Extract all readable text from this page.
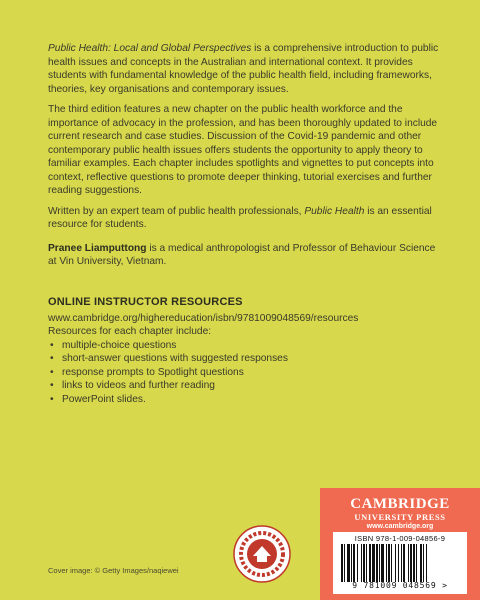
Public Health: Local and Global Perspectives is a comprehensive introduction to public health issues and concepts in the Australian and international context. It provides students with fundamental knowledge of the public health field, including frameworks, theories, key organisations and contemporary issues.

The third edition features a new chapter on the public health workforce and the importance of advocacy in the profession, and has been thoroughly updated to include current research and case studies. Discussion of the Covid-19 pandemic and other contemporary public health issues offers students the opportunity to apply theory to familiar examples. Each chapter includes spotlights and vignettes to put concepts into context, reflective questions to promote deeper thinking, tutorial exercises and further reading suggestions.

Written by an expert team of public health professionals, Public Health is an essential resource for students.

Pranee Liamputtong is a medical anthropologist and Professor of Behaviour Science at Vin University, Vietnam.

ONLINE INSTRUCTOR RESOURCES
www.cambridge.org/highereducation/isbn/9781009048569/resources
Resources for each chapter include:
• multiple-choice questions
• short-answer questions with suggested responses
• response prompts to Spotlight questions
• links to videos and further reading
• PowerPoint slides.
Cover image: © Getty Images/naqiewei
CAMBRIDGE
UNIVERSITY PRESS
www.cambridge.org
ISBN 978-1-009-04856-9
9 781009 048569 >
